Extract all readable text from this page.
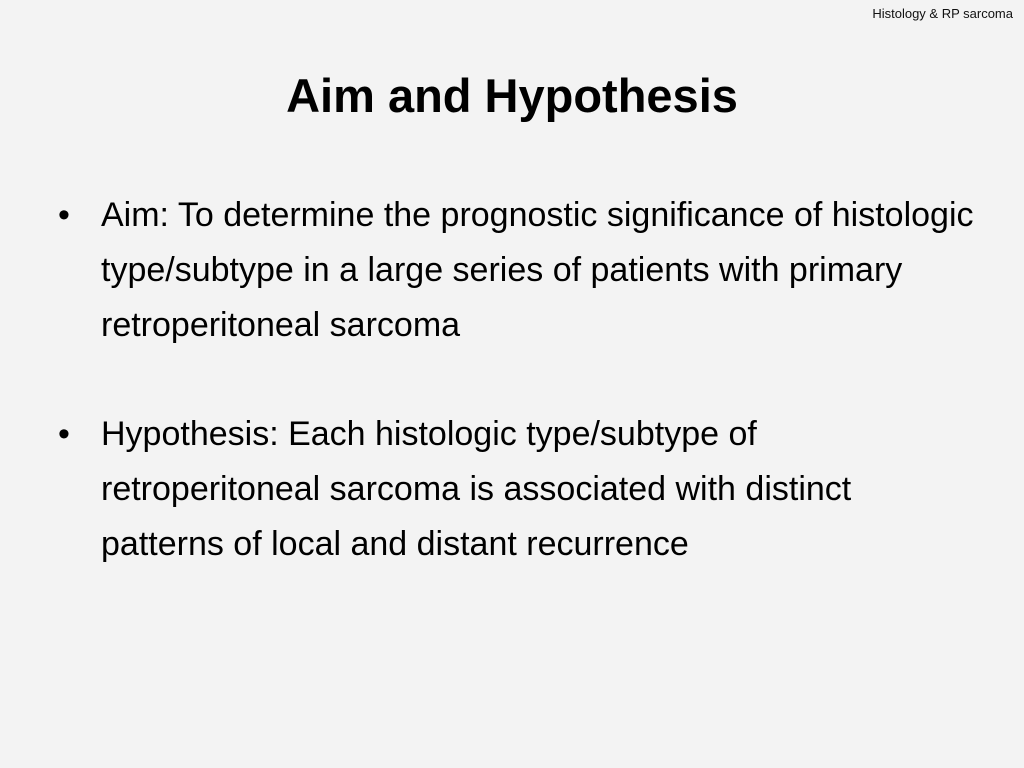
Histology & RP sarcoma
Aim and Hypothesis
• Aim: To determine the prognostic significance of histologic type/subtype in a large series of patients with primary retroperitoneal sarcoma
• Hypothesis: Each histologic type/subtype of retroperitoneal sarcoma is associated with distinct patterns of local and distant recurrence
